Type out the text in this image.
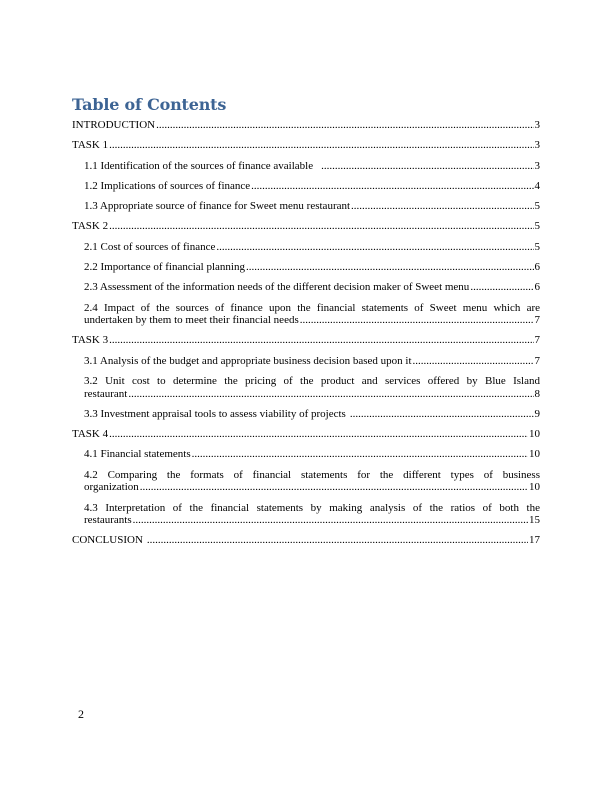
Table of Contents
INTRODUCTION .....	3
TASK 1 .....	3
1.1 Identification of the sources of finance available .....	3
1.2 Implications of sources of finance .....	4
1.3 Appropriate source of finance for Sweet menu restaurant .....	5
TASK 2 .....	5
2.1 Cost of sources of finance .....	5
2.2 Importance of financial planning .....	6
2.3 Assessment of the information needs of the different decision maker of Sweet menu .....	6
2.4 Impact of the sources of finance upon the financial statements of Sweet menu which are
undertaken by them to meet their financial needs .....	7
TASK 3 .....	7
3.1 Analysis of the budget and appropriate business decision based upon it .....	7
3.2 Unit cost to determine the pricing of the product and services offered by Blue Island
restaurant .....	8
3.3 Investment appraisal tools to assess viability of projects .....	9
TASK 4 .....	10
4.1 Financial statements .....	10
4.2 Comparing the formats of financial statements for the different types of business
organization .....	10
4.3 Interpretation of the financial statements by making analysis of the ratios of both the
restaurants .....	15
CONCLUSION .....	17
2
